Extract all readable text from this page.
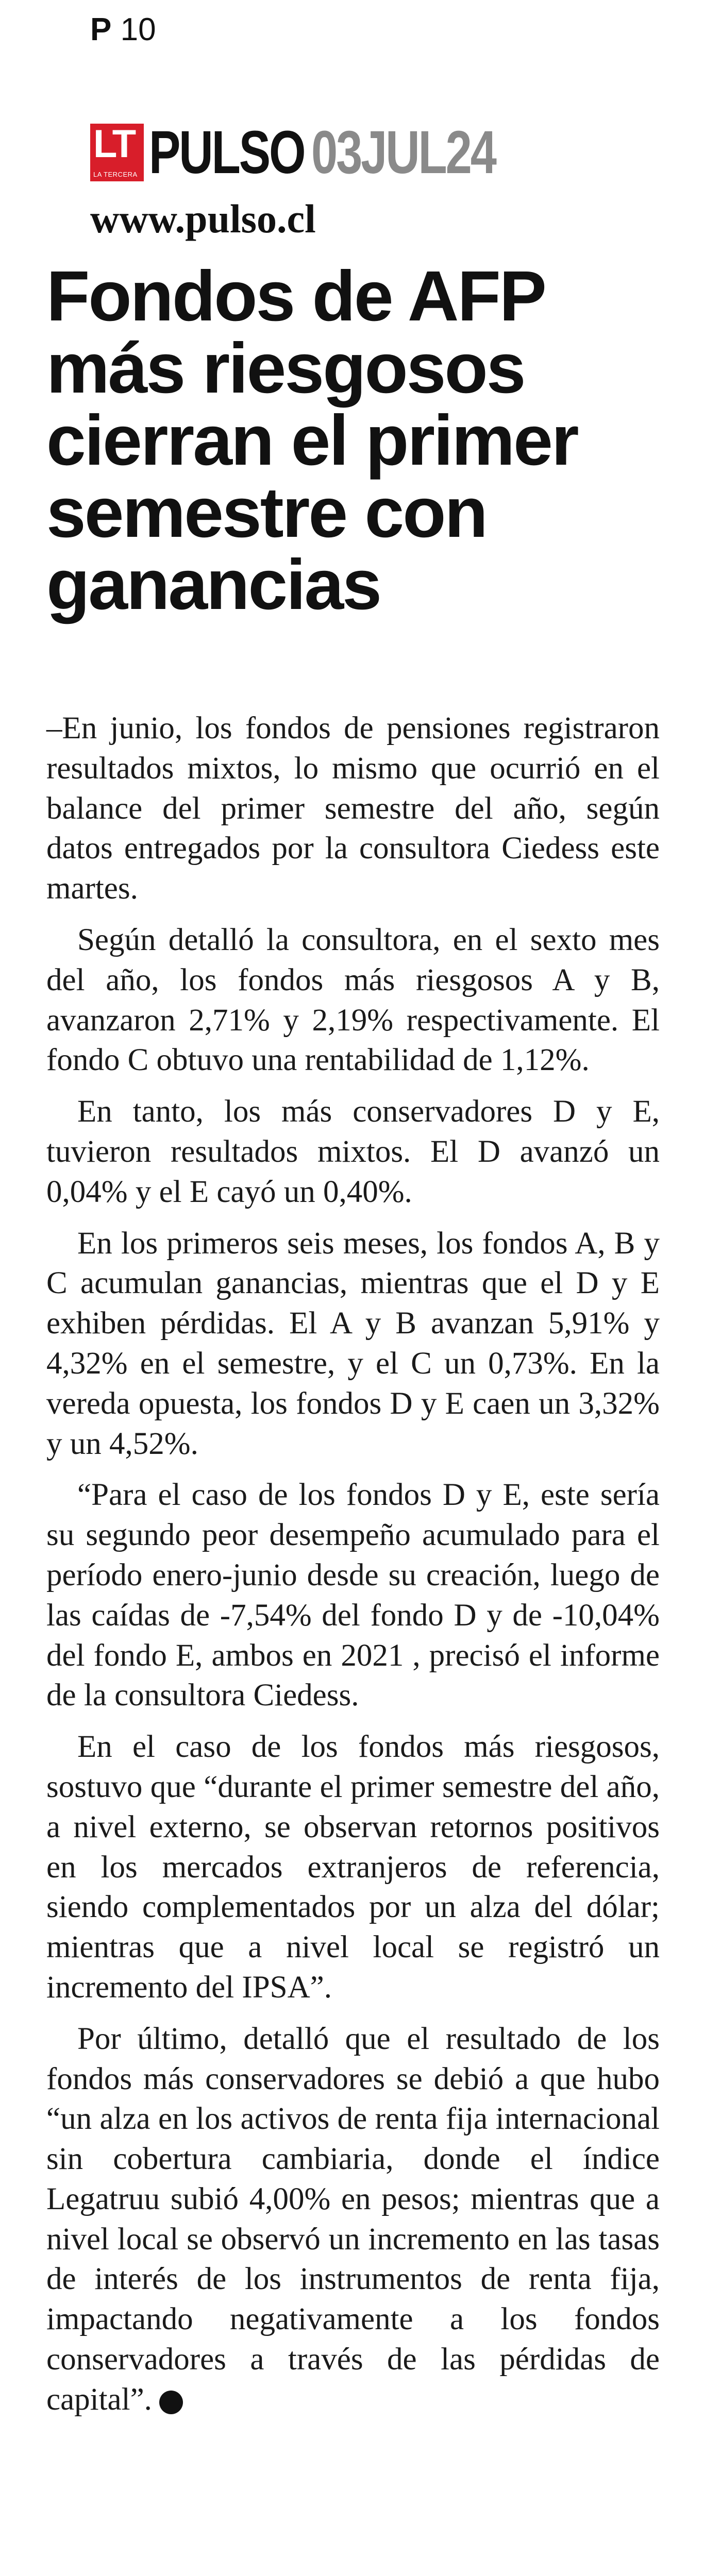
P 10
LT
LA TERCERA PULSO 03JUL24
www.pulso.cl
Fondos de AFP
más riesgosos
cierran el primer
semestre con
ganancias

–En junio, los fondos de pensiones registraron resultados mixtos, lo mismo que ocurrió en el balance del primer semestre del año, según datos entregados por la consultora Ciedess este martes.

Según detalló la consultora, en el sexto mes del año, los fondos más riesgosos A y B, avanzaron 2,71% y 2,19% respectivamente. El fondo C obtuvo una rentabilidad de 1,12%.

En tanto, los más conservadores D y E, tuvieron resultados mixtos. El D avanzó un 0,04% y el E cayó un 0,40%.

En los primeros seis meses, los fondos A, B y C acumulan ganancias, mientras que el D y E exhiben pérdidas. El A y B avanzan 5,91% y 4,32% en el semestre, y el C un 0,73%. En la vereda opuesta, los fondos D y E caen un 3,32% y un 4,52%.

“Para el caso de los fondos D y E, este sería su segundo peor desempeño acumulado para el período enero-junio desde su creación, luego de las caídas de -7,54% del fondo D y de -10,04% del fondo E, ambos en 2021 , precisó el informe de la consultora Ciedess.

En el caso de los fondos más riesgosos, sostuvo que “durante el primer semestre del año, a nivel externo, se observan retornos positivos en los mercados extranjeros de referencia, siendo complementados por un alza del dólar; mientras que a nivel local se registró un incremento del IPSA”.

Por último, detalló que el resultado de los fondos más conservadores se debió a que hubo “un alza en los activos de renta fija internacional sin cobertura cambiaria, donde el índice Legatruu subió 4,00% en pesos; mientras que a nivel local se observó un incremento en las tasas de interés de los instrumentos de renta fija, impactando negativamente a los fondos conservadores a través de las pérdidas de capital”. P
